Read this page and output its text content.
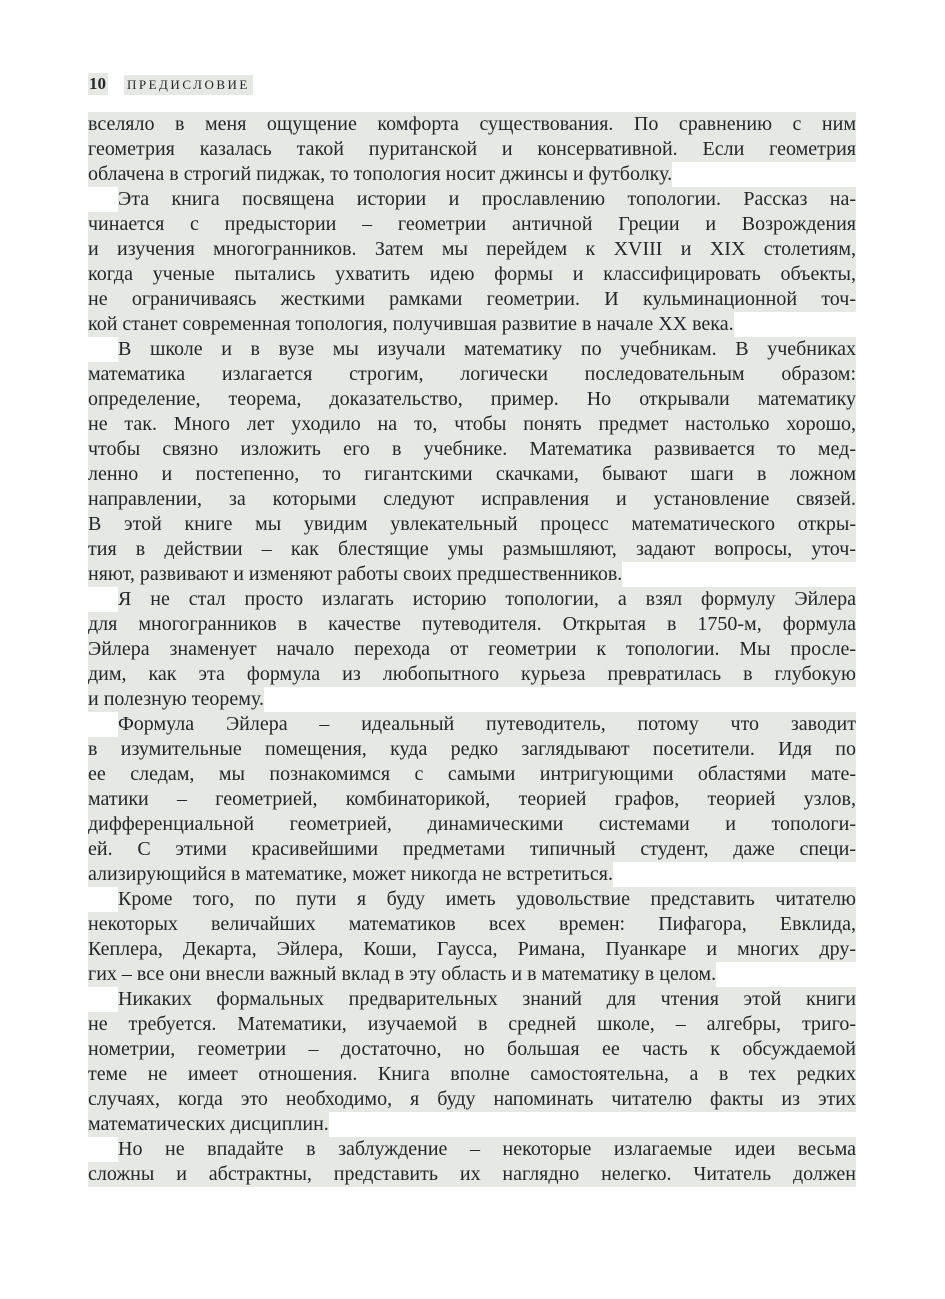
10 ПРЕДИСЛОВИЕ
вселяло в меня ощущение комфорта существования. По сравнению с ним
геометрия казалась такой пуританской и консервативной. Если геометрия
облачена в строгий пиджак, то топология носит джинсы и футболку.
Эта книга посвящена истории и прославлению топологии. Рассказ на-
чинается с предыстории – геометрии античной Греции и Возрождения
и изучения многогранников. Затем мы перейдем к XVIII и XIX столетиям,
когда ученые пытались ухватить идею формы и классифицировать объекты,
не ограничиваясь жесткими рамками геометрии. И кульминационной точ-
кой станет современная топология, получившая развитие в начале XX века.
В школе и в вузе мы изучали математику по учебникам. В учебниках
математика излагается строгим, логически последовательным образом:
определение, теорема, доказательство, пример. Но открывали математику
не так. Много лет уходило на то, чтобы понять предмет настолько хорошо,
чтобы связно изложить его в учебнике. Математика развивается то мед-
ленно и постепенно, то гигантскими скачками, бывают шаги в ложном
направлении, за которыми следуют исправления и установление связей.
В этой книге мы увидим увлекательный процесс математического откры-
тия в действии – как блестящие умы размышляют, задают вопросы, уточ-
няют, развивают и изменяют работы своих предшественников.
Я не стал просто излагать историю топологии, а взял формулу Эйлера
для многогранников в качестве путеводителя. Открытая в 1750-м, формула
Эйлера знаменует начало перехода от геометрии к топологии. Мы просле-
дим, как эта формула из любопытного курьеза превратилась в глубокую
и полезную теорему.
Формула Эйлера – идеальный путеводитель, потому что заводит
в изумительные помещения, куда редко заглядывают посетители. Идя по
ее следам, мы познакомимся с самыми интригующими областями мате-
матики – геометрией, комбинаторикой, теорией графов, теорией узлов,
дифференциальной геометрией, динамическими системами и топологи-
ей. С этими красивейшими предметами типичный студент, даже специ-
ализирующийся в математике, может никогда не встретиться.
Кроме того, по пути я буду иметь удовольствие представить читателю
некоторых величайших математиков всех времен: Пифагора, Евклида,
Кеплера, Декарта, Эйлера, Коши, Гаусса, Римана, Пуанкаре и многих дру-
гих – все они внесли важный вклад в эту область и в математику в целом.
Никаких формальных предварительных знаний для чтения этой книги
не требуется. Математики, изучаемой в средней школе, – алгебры, триго-
нометрии, геометрии – достаточно, но большая ее часть к обсуждаемой
теме не имеет отношения. Книга вполне самостоятельна, а в тех редких
случаях, когда это необходимо, я буду напоминать читателю факты из этих
математических дисциплин.
Но не впадайте в заблуждение – некоторые излагаемые идеи весьма
сложны и абстрактны, представить их наглядно нелегко. Читатель должен
